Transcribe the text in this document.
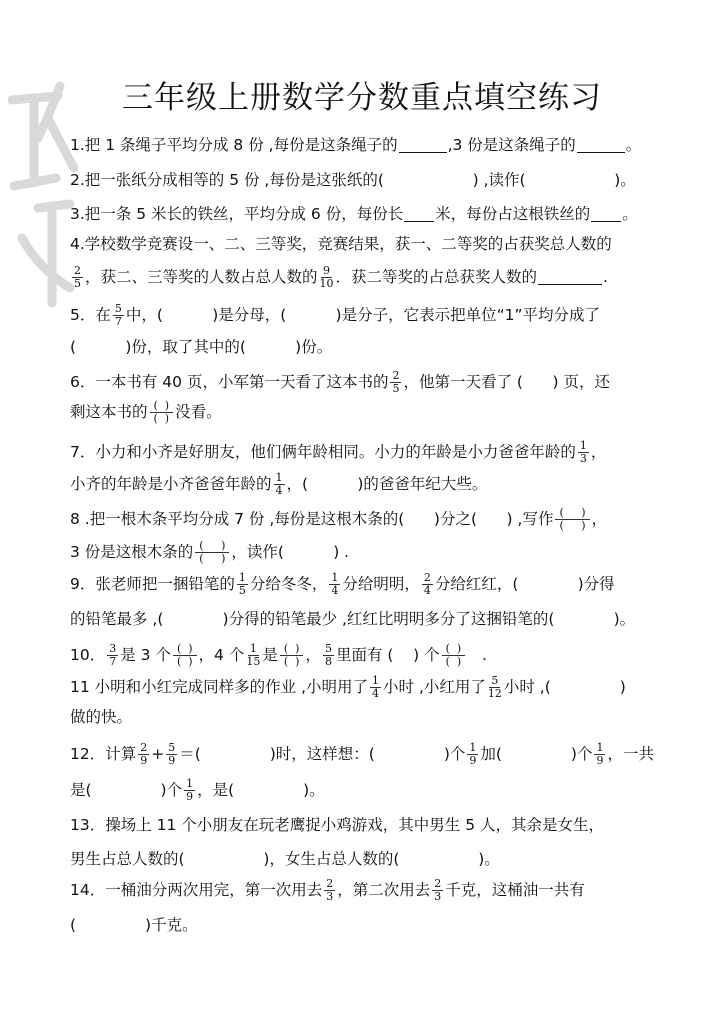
三年级上册数学分数重点填空练习
1.把 1 条绳子平均分成 8 份 ,每份是这条绳子的	,3 份是这条绳子的	。
2.把一张纸分成相等的 5 份 ,每份是这张纸的(                  ) ,读作(                  )。
3.把一条 5 米长的铁丝，平均分成 6 份，每份长 米，每份占这根铁丝的 。
4.学校数学竞赛设一、二、三等奖，竞赛结果，获一、二等奖的占获奖总人数的
$\frac{2}{5}$ ，获二、三等奖的人数占总人数的 $\frac{9}{10}$ ．获二等奖的占总获奖人数的	.
5．在 $\frac{5}{7}$ 中，(          )是分母，(          )是分子，它表示把单位“1”平均分成了
(          )份，取了其中的(          )份。
6．一本书有 40 页，小军第一天看了这本书的 $\frac{2}{5}$ ，他第一天看了 (      ) 页，还
剩这本书的 $\frac{( )}{( )}$ 没看。
7．小力和小齐是好朋友，他们俩年龄相同。小力的年龄是小力爸爸年龄的 $\frac{1}{3}$ ，
小齐的年龄是小齐爸爸年龄的 $\frac{1}{4}$ ，(          )的爸爸年纪大些。
8 .把一根木条平均分成 7 份 ,每份是这根木条的(      )分之(      ) ,写作 $\frac{( )}{( )}$ ，
3 份是这根木条的 $\frac{( )}{( )}$ ，读作(          ) .
9．张老师把一捆铅笔的 $\frac{1}{5}$ 分给冬冬， $\frac{1}{4}$ 分给明明， $\frac{2}{4}$ 分给红红，(            )分得
的铅笔最多 ,(            )分得的铅笔最少 ,红红比明明多分了这捆铅笔的(            )。
10． $\frac{3}{7}$ 是 3 个 $\frac{( )}{( )}$ ，4 个 $\frac{1}{15}$ 是 $\frac{( )}{( )}$ ， $\frac{5}{8}$ 里面有 (    ) 个 $\frac{( )}{( )}$ .
11 小明和小红完成同样多的作业 ,小明用了 $\frac{1}{4}$ 小时 ,小红用了 $\frac{5}{12}$ 小时 ,(              )
做的快。
12．计算 $\frac{2}{9} + \frac{5}{9}$ ＝(              )时，这样想：(              )个 $\frac{1}{9}$ 加(              )个 $\frac{1}{9}$ ，一共
是(              )个 $\frac{1}{9}$ ，是(              )。
13．操场上 11 个小朋友在玩老鹰捉小鸡游戏，其中男生 5 人，其余是女生，
男生占总人数的(                )，女生占总人数的(                )。
14．一桶油分两次用完，第一次用去 $\frac{2}{3}$ ，第二次用去 $\frac{2}{3}$ 千克，这桶油一共有
(              )千克。
